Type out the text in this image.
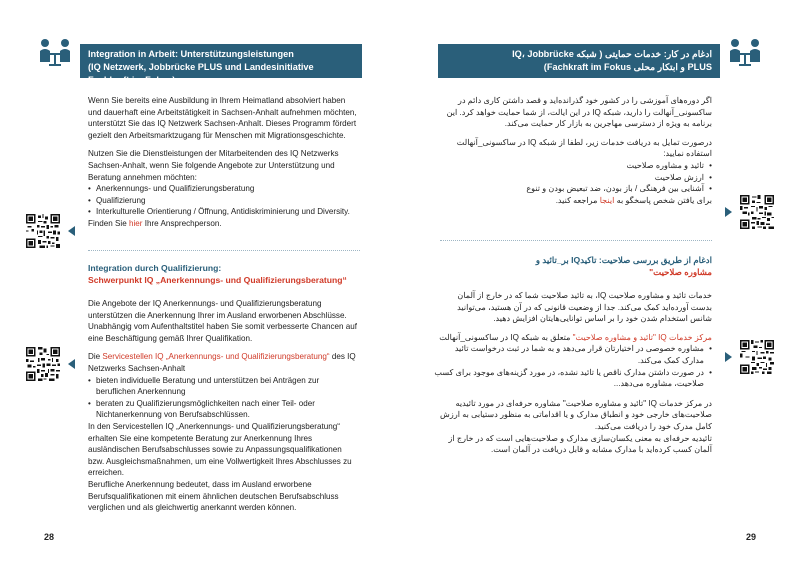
Integration in Arbeit: Unterstützungsleistungen
(IQ Netzwerk, Jobbrücke PLUS und Landesinitiative Fachkraft im Fokus)

Wenn Sie bereits eine Ausbildung in Ihrem Heimatland absolviert haben und dauerhaft eine Arbeitstätigkeit in Sachsen-Anhalt aufnehmen möchten, unterstützt Sie das IQ Netzwerk Sachsen-Anhalt. Dieses Programm fördert gezielt den Arbeitsmarktzugang für Menschen mit Migrationsgeschichte.

Nutzen Sie die Dienstleistungen der Mitarbeitenden des IQ Netzwerks Sachsen-Anhalt, wenn Sie folgende Angebote zur Unterstützung und Beratung annehmen möchten:

• Anerkennungs- und Qualifizierungsberatung
• Qualifizierung
• Interkulturelle Orientierung / Öffnung, Antidiskriminierung und Diversity.

Finden Sie hier Ihre Ansprechperson.

Integration durch Qualifizierung:
Schwerpunkt IQ „Anerkennungs- und Qualifizierungsberatung“

Die Angebote der IQ Anerkennungs- und Qualifizierungsberatung unterstützen die Anerkennung Ihrer im Ausland erworbenen Abschlüsse. Unabhängig vom Aufenthaltstitel haben Sie somit verbesserte Chancen auf eine Beschäftigung gemäß Ihrer Qualifikation.

Die Servicestellen IQ „Anerkennungs- und Qualifizierungsberatung“ des IQ Netzwerks Sachsen-Anhalt

• bieten individuelle Beratung und unterstützen bei Anträgen zur beruflichen Anerkennung
• beraten zu Qualifizierungsmöglichkeiten nach einer Teil- oder Nichtanerkennung von Berufsabschlüssen.

In den Servicestellen IQ „Anerkennungs- und Qualifizierungsberatung“ erhalten Sie eine kompetente Beratung zur Anerkennung Ihres ausländischen Berufsabschlusses sowie zu Anpassungsqualifikationen bzw. Ausgleichsmaßnahmen, um eine Vollwertigkeit Ihres Abschlusses zu erreichen.

Berufliche Anerkennung bedeutet, dass im Ausland erworbene Berufsqualifikationen mit einem ähnlichen deutschen Berufsabschluss verglichen und als gleichwertig anerkannt werden können.

28
ادغام در کار: خدمات حمایتی ( شبکه IQ، Jobbrücke
PLUS و ابتکار محلی Fachkraft im Fokus)

اگر دوره‌های آموزشی را در کشور خود گذرانده‌اید و قصد داشتن کاری دائم در ساکسونی_آنهالت را دارید، شبکه IQ در این ایالت، از شما حمایت خواهد کرد. این برنامه به ویژه از دسترسی مهاجرین به بازار کار حمایت می‌کند.

درصورت تمایل به دریافت خدمات زیر، لطفا از شبکه IQ در ساکسونی_آنهالت استفاده نمایید:

• تائید و مشاوره صلاحیت
• ارزش صلاحیت
• آشنایی بین فرهنگی / باز بودن، ضد تبعیض بودن و تنوع

برای یافتن شخص پاسخگو به اینجا مراجعه کنید.

ادغام از طریق بررسی صلاحیت: تاکیدIQ بر_تائید و
مشاوره صلاحیت"

خدمات تائید و مشاوره صلاحیت IQ، به تائید صلاحیت شما که در خارج از آلمان بدست آورده‌اید کمک می‌کند. جدا از وضعیت قانونی که در آن هستید، می‌توانید شانس استخدام شدن خود را بر اساس توانایی‌هایتان افزایش دهید.

مرکز خدمات IQ "تائید و مشاوره صلاحیت" متعلق به شبکه IQ در ساکسونی_آنهالت

• مشاوره خصوصی در اختیارتان قرار می‌دهد و به شما در ثبت درخواست تائید مدارک کمک می‌کند.
• در صورت داشتن مدارک ناقص یا تائید نشده، در مورد گزینه‌های موجود برای کسب صلاحیت، مشاوره می‌دهد...

در مرکز خدمات IQ "تائید و مشاوره صلاحیت" مشاوره حرفه‌ای در مورد تائیدیه صلاحیت‌های خارجی خود و انطباق مدارک و یا اقداماتی به منظور دستیابی به ارزش کامل مدرک خود را دریافت می‌کنید.

تائیدیه حرفه‌ای به معنی یکسان‌سازی مدارک و صلاحیت‌هایی است که در خارج از آلمان کسب کرده‌اید با مدارک مشابه و قابل دریافت در آلمان است.

29
